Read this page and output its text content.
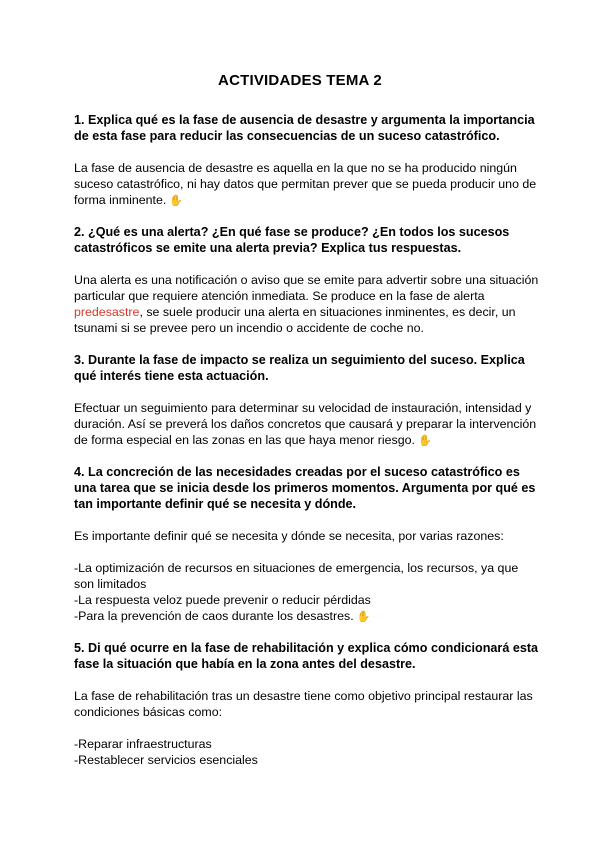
ACTIVIDADES TEMA 2
1. Explica qué es la fase de ausencia de desastre y argumenta la importancia
de esta fase para reducir las consecuencias de un suceso catastrófico.
La fase de ausencia de desastre es aquella en la que no se ha producido ningún
suceso catastrófico, ni hay datos que permitan prever que se pueda producir uno de
forma inminente. ✋
2. ¿Qué es una alerta? ¿En qué fase se produce? ¿En todos los sucesos
catastróficos se emite una alerta previa? Explica tus respuestas.
Una alerta es una notificación o aviso que se emite para advertir sobre una situación
particular que requiere atención inmediata. Se produce en la fase de alerta
predesastre, se suele producir una alerta en situaciones inminentes, es decir, un
tsunami si se prevee pero un incendio o accidente de coche no.
3. Durante la fase de impacto se realiza un seguimiento del suceso. Explica
qué interés tiene esta actuación.
Efectuar un seguimiento para determinar su velocidad de instauración, intensidad y
duración. Así se preverá los daños concretos que causará y preparar la intervención
de forma especial en las zonas en las que haya menor riesgo. ✋
4. La concreción de las necesidades creadas por el suceso catastrófico es
una tarea que se inicia desde los primeros momentos. Argumenta por qué es
tan importante definir qué se necesita y dónde.
Es importante definir qué se necesita y dónde se necesita, por varias razones:
-La optimización de recursos en situaciones de emergencia, los recursos, ya que
son limitados
-La respuesta veloz puede prevenir o reducir pérdidas
-Para la prevención de caos durante los desastres. ✋
5. Di qué ocurre en la fase de rehabilitación y explica cómo condicionará esta
fase la situación que había en la zona antes del desastre.
La fase de rehabilitación tras un desastre tiene como objetivo principal restaurar las
condiciones básicas como:
-Reparar infraestructuras
-Restablecer servicios esenciales
